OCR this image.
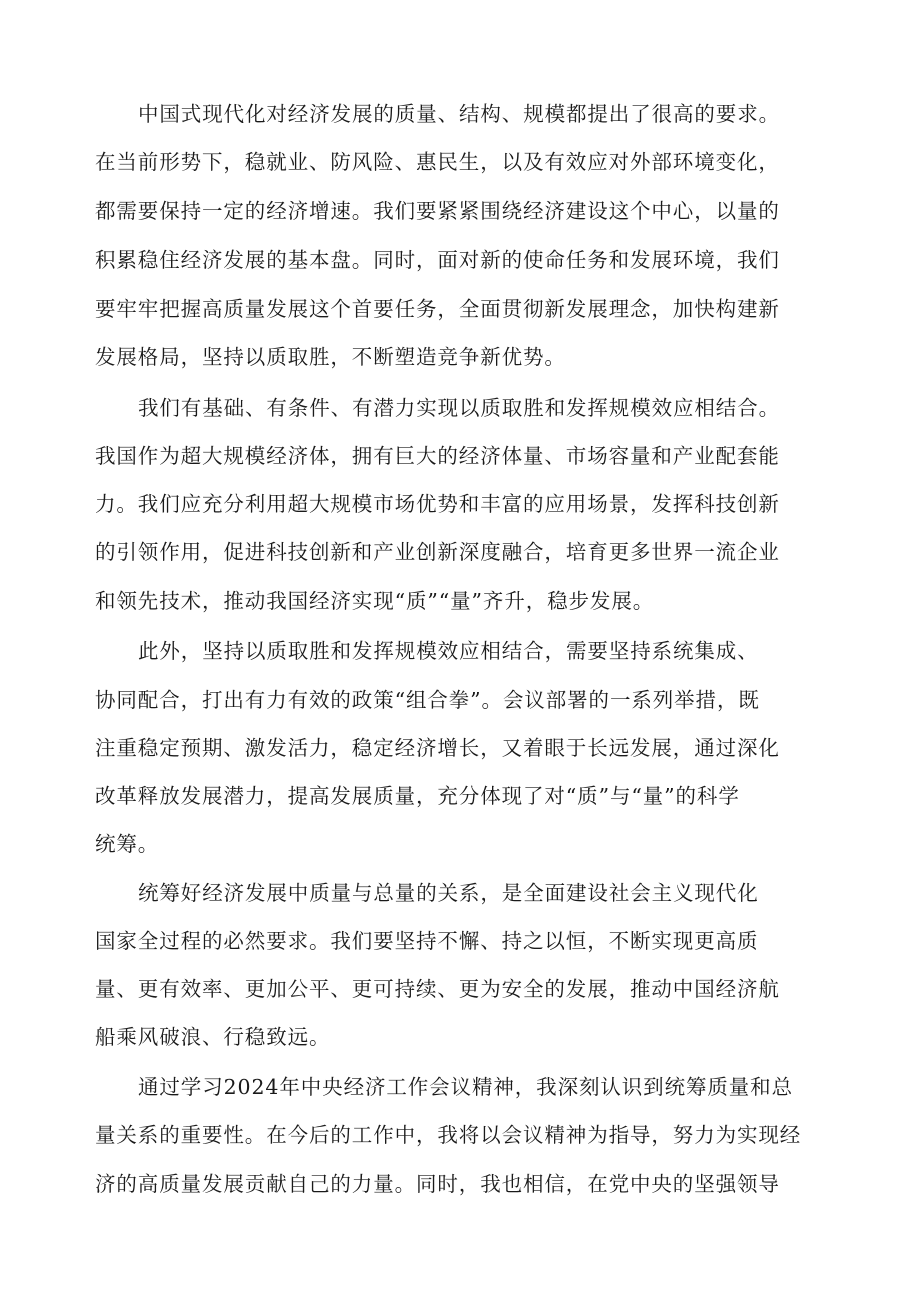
中国式现代化对经济发展的质量、结构、规模都提出了很高的要求。
在当前形势下，稳就业、防风险、惠民生，以及有效应对外部环境变化，
都需要保持一定的经济增速。我们要紧紧围绕经济建设这个中心，以量的
积累稳住经济发展的基本盘。同时，面对新的使命任务和发展环境，我们
要牢牢把握高质量发展这个首要任务，全面贯彻新发展理念，加快构建新
发展格局，坚持以质取胜，不断塑造竞争新优势。
我们有基础、有条件、有潜力实现以质取胜和发挥规模效应相结合。
我国作为超大规模经济体，拥有巨大的经济体量、市场容量和产业配套能
力。我们应充分利用超大规模市场优势和丰富的应用场景，发挥科技创新
的引领作用，促进科技创新和产业创新深度融合，培育更多世界一流企业
和领先技术，推动我国经济实现“质”“量”齐升，稳步发展。
此外，坚持以质取胜和发挥规模效应相结合，需要坚持系统集成、
协同配合，打出有力有效的政策“组合拳”。会议部署的一系列举措，既
注重稳定预期、激发活力，稳定经济增长，又着眼于长远发展，通过深化
改革释放发展潜力，提高发展质量，充分体现了对“质”与“量”的科学
统筹。
统筹好经济发展中质量与总量的关系，是全面建设社会主义现代化
国家全过程的必然要求。我们要坚持不懈、持之以恒，不断实现更高质
量、更有效率、更加公平、更可持续、更为安全的发展，推动中国经济航
船乘风破浪、行稳致远。
通过学习2024年中央经济工作会议精神，我深刻认识到统筹质量和总
量关系的重要性。在今后的工作中，我将以会议精神为指导，努力为实现经
济的高质量发展贡献自己的力量。同时，我也相信，在党中央的坚强领导
